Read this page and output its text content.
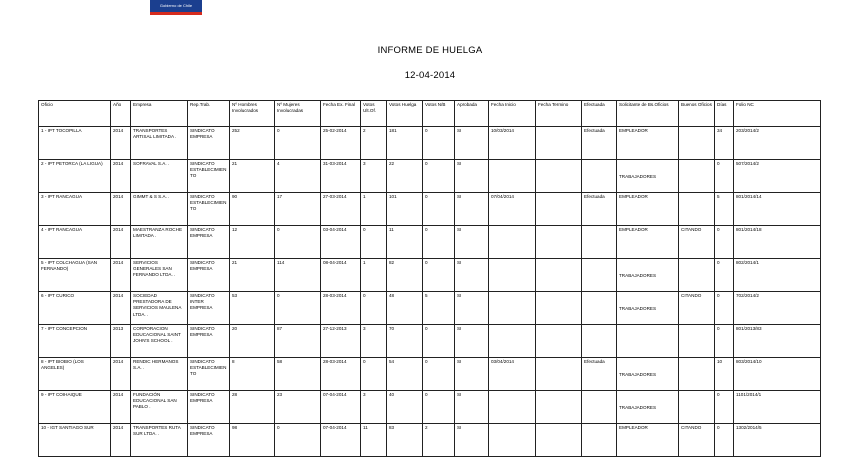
Gobierno de Chile
INFORME DE HUELGA
12-04-2014
Oficio	Año	Empresa	Rep.Trab.	Nº Hombres Involucrados	Nº Mujeres Involucradas	Fecha Ex. Final	Votos Ult.Of.	Votos Huelga	Votos N/B	Aprobada	Fecha Inicio	Fecha Termino	Efectuada	Solicitante de Bs.Oficios	Buenos Oficios	Días	Folio NC
1 - IPT TOCOPILLA	2014	TRANSPORTES ARTISAL LIMITADA .	SINDICATO EMPRESA	252	0	25-02-2014	2	181	0	SI	10/03/2014		Efectuada	EMPLEADOR		34	203/2014/2
2 - IPT PETORCA (LA LIGUA)	2014	SOFRAVAL S.A. .	SINDICATO ESTABLECIMIENTO	21	4	31-03-2014	3	22	0	SI				TRABAJADORES		0	507/2014/2
3 - IPT RANCAGUA	2014	GIMMT & S S.A. .	SINDICATO ESTABLECIMIENTO	90	17	27-03-2014	1	101	0	SI	07/04/2014		Efectuada	EMPLEADOR		5	801/2014/14
4 - IPT RANCAGUA	2014	MAESTRANZA ROCHE LIMITADA .	SINDICATO EMPRESA	12	0	03-04-2014	0	11	0	SI				EMPLEADOR	CITANDO	0	801/2014/18
5 - IPT COLCHAGUA (SAN FERNANDO)	2014	SERVICIOS GENERALES SAN FERNANDO LTDA. .	SINDICATO EMPRESA	21	114	08-04-2014	1	82	0	SI				TRABAJADORES		0	802/2014/1
6 - IPT CURICO	2014	SOCIEDAD PRESTADORA DE SERVICIOS MAULENA LTDA. .	SINDICATO INTER EMPRESA	53	0	28-03-2014	0	48	5	SI				TRABAJADORES	CITANDO	0	702/2014/2
7 - IPT CONCEPCION	2013	CORPORACION EDUCACIONAL SAINT JOHN'S SCHOOL .	SINDICATO EMPRESA	20	87	27-12-2013	3	70	0	SI						0	801/2013/83
8 - IPT BIOBIO (LOS ANGELES)	2014	RENDIC HERMANOS S.A. .	SINDICATO ESTABLECIMIENTO	8	58	28-03-2014	0	54	0	SI	03/04/2014		Efectuada	TRABAJADORES		10	803/2014/10
9 - IPT COIHAIQUE	2014	FUNDACIÓN EDUCACIONAL SAN PABLO .	SINDICATO EMPRESA	28	23	07-04-2014	3	40	0	SI				TRABAJADORES		0	1101/2014/1
10 - IGT SANTIAGO SUR	2014	TRANSPORTES RUTA SUR LTDA. .	SINDICATO EMPRESA	98	0	07-04-2014	11	83	2	SI				EMPLEADOR	CITANDO	0	1302/2014/5
